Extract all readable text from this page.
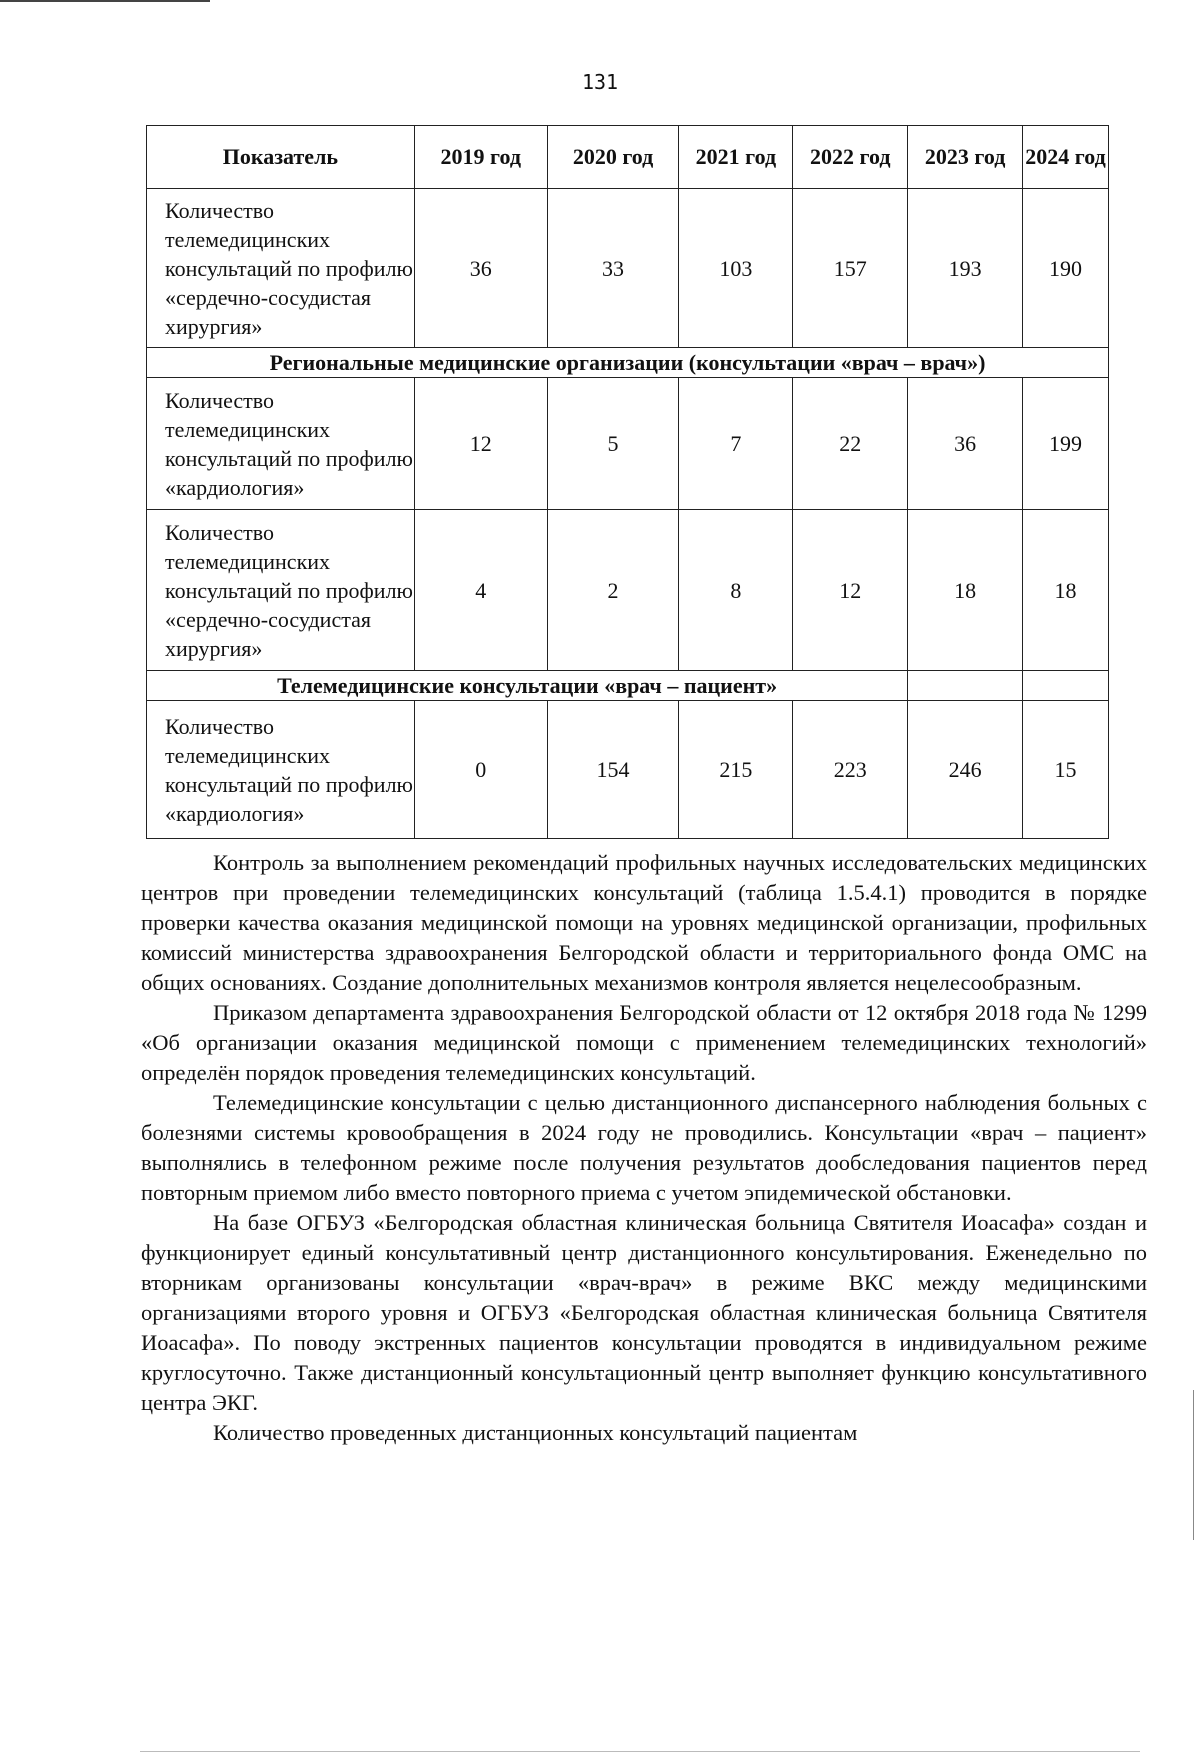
131
Показатель	2019 год	2020 год	2021 год	2022 год	2023 год	2024 год
Количество телемедицинских консультаций по профилю «сердечно-сосудистая хирургия»	36	33	103	157	193	190
Региональные медицинские организации (консультации «врач – врач»)						
Количество телемедицинских консультаций по профилю «кардиология»	12	5	7	22	36	199
Количество телемедицинских консультаций по профилю «сердечно-сосудистая хирургия»	4	2	8	12	18	18
Телемедицинские консультации «врач – пациент»						
Количество телемедицинских консультаций по профилю «кардиология»	0	154	215	223	246	15

Контроль за выполнением рекомендаций профильных научных исследовательских медицинских центров при проведении телемедицинских консультаций (таблица 1.5.4.1) проводится в порядке проверки качества оказания медицинской помощи на уровнях медицинской организации, профильных комиссий министерства здравоохранения Белгородской области и территориального фонда ОМС на общих основаниях. Создание дополнительных механизмов контроля является нецелесообразным.

Приказом департамента здравоохранения Белгородской области от 12 октября 2018 года № 1299 «Об организации оказания медицинской помощи с применением телемедицинских технологий» определён порядок проведения телемедицинских консультаций.

Телемедицинские консультации с целью дистанционного диспансерного наблюдения больных с болезнями системы кровообращения в 2024 году не проводились. Консультации «врач – пациент» выполнялись в телефонном режиме после получения результатов дообследования пациентов перед повторным приемом либо вместо повторного приема с учетом эпидемической обстановки.

На базе ОГБУЗ «Белгородская областная клиническая больница Святителя Иоасафа» создан и функционирует единый консультативный центр дистанционного консультирования. Еженедельно по вторникам организованы консультации «врач-врач» в режиме ВКС между медицинскими организациями второго уровня и ОГБУЗ «Белгородская областная клиническая больница Святителя Иоасафа». По поводу экстренных пациентов консультации проводятся в индивидуальном режиме круглосуточно. Также дистанционный консультационный центр выполняет функцию консультативного центра ЭКГ.

Количество проведенных дистанционных консультаций пациентам
